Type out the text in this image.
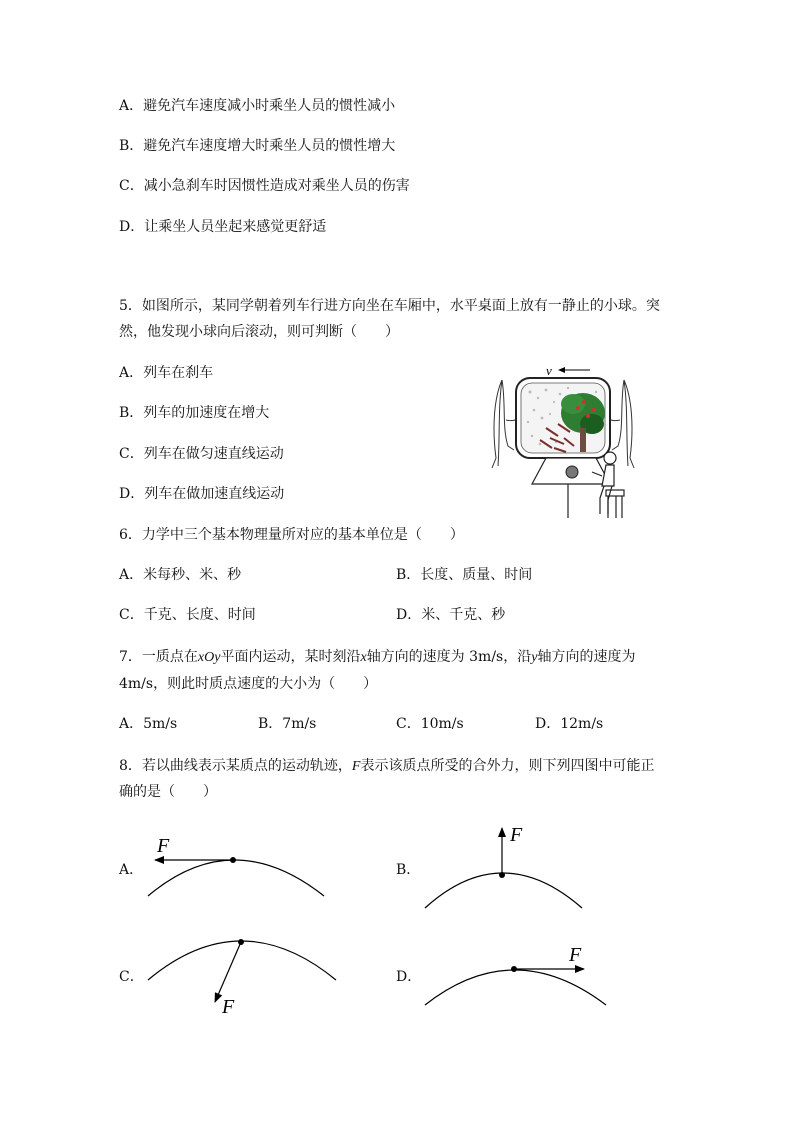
A．避免汽车速度减小时乘坐人员的惯性减小
B．避免汽车速度增大时乘坐人员的惯性增大
C．减小急刹车时因惯性造成对乘坐人员的伤害
D．让乘坐人员坐起来感觉更舒适
5．如图所示，某同学朝着列车行进方向坐在车厢中，水平桌面上放有一静止的小球。突
然，他发现小球向后滚动，则可判断（　　）
A．列车在刹车
B．列车的加速度在增大
C．列车在做匀速直线运动
D．列车在做加速直线运动
v
6．力学中三个基本物理量所对应的基本单位是（　　）
A．米每秒、米、秒	B．长度、质量、时间
C．千克、长度、时间	D．米、千克、秒
7．一质点在xOy平面内运动，某时刻沿x轴方向的速度为 3m/s，沿y轴方向的速度为
4m/s，则此时质点速度的大小为（　　）
A．5m/s	B．7m/s	C．10m/s	D．12m/s
8．若以曲线表示某质点的运动轨迹，F表示该质点所受的合外力，则下列四图中可能正
确的是（　　）
A．	B．
C．	D．
F	F
F
F
